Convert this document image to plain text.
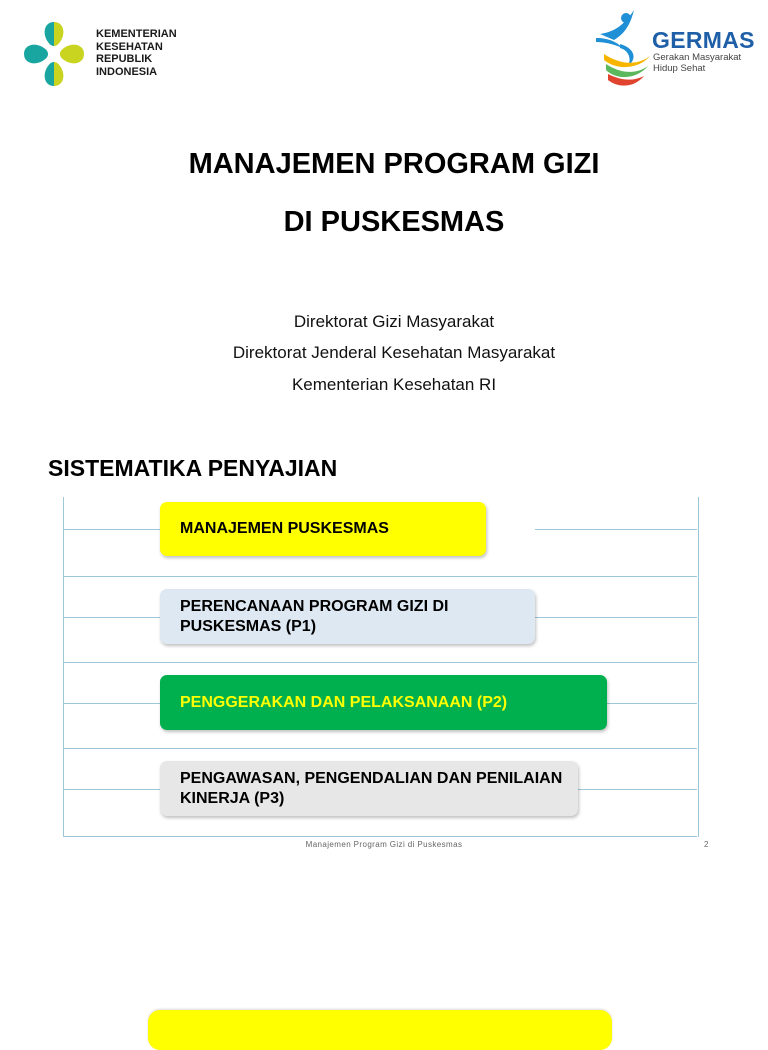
KEMENTERIAN
KESEHATAN
REPUBLIK
INDONESIA
GERMAS
Gerakan Masyarakat
Hidup Sehat
MANAJEMEN PROGRAM GIZI
DI PUSKESMAS
Direktorat Gizi Masyarakat
Direktorat Jenderal Kesehatan Masyarakat
Kementerian Kesehatan RI
SISTEMATIKA PENYAJIAN
MANAJEMEN PUSKESMAS
PERENCANAAN PROGRAM GIZI DI PUSKESMAS (P1)
PENGGERAKAN DAN PELAKSANAAN (P2)
PENGAWASAN, PENGENDALIAN DAN PENILAIAN KINERJA (P3)
Manajemen Program Gizi di Puskesmas	2
